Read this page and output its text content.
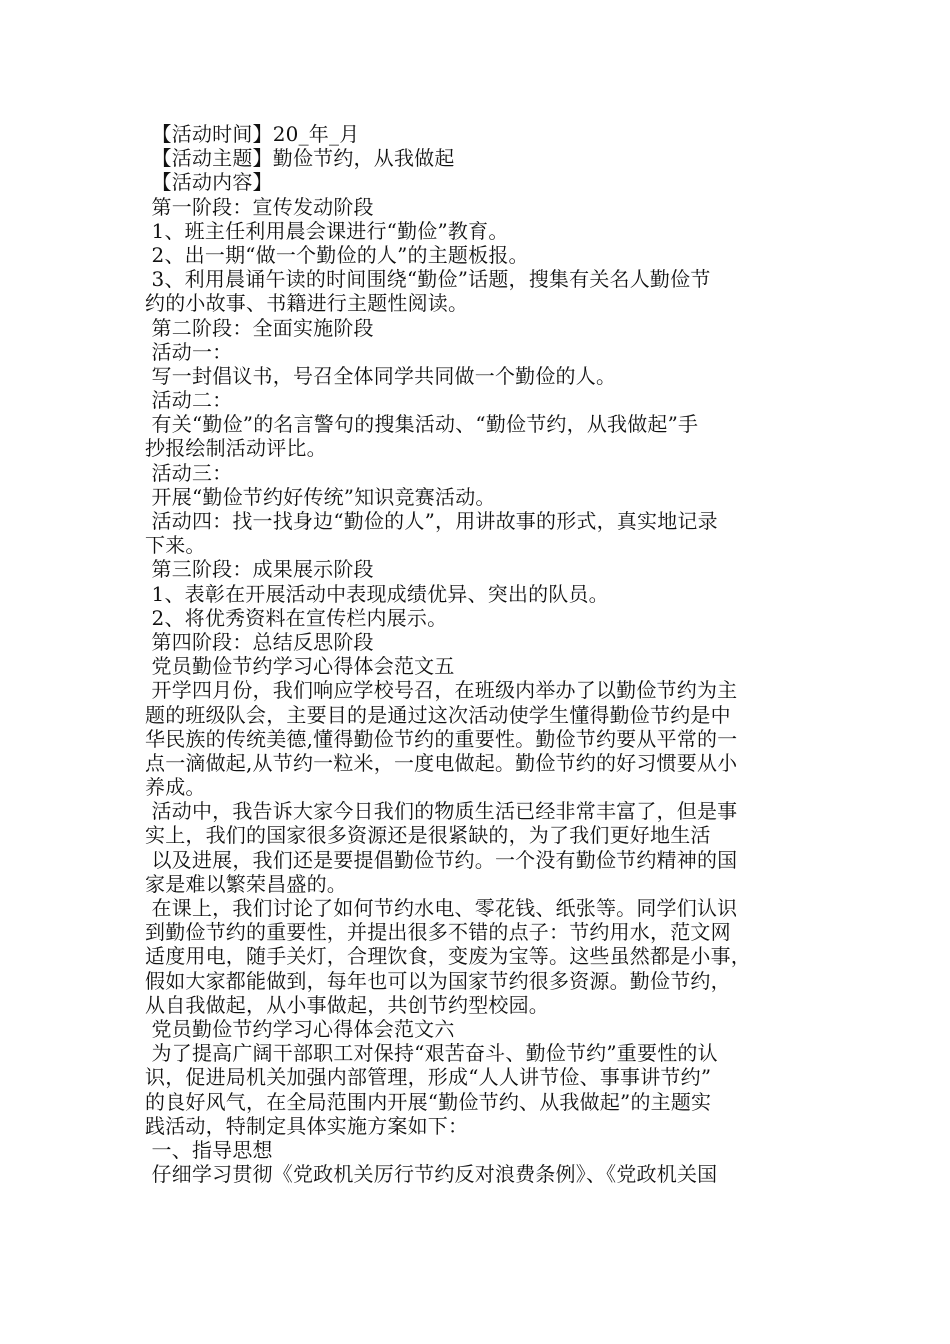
【活动时间】20_年_月
【活动主题】勤俭节约，从我做起
【活动内容】
第一阶段：宣传发动阶段
1、班主任利用晨会课进行“勤俭”教育。
2、出一期“做一个勤俭的人”的主题板报。
3、利用晨诵午读的时间围绕“勤俭”话题，搜集有关名人勤俭节
约的小故事、书籍进行主题性阅读。
第二阶段：全面实施阶段
活动一：
写一封倡议书，号召全体同学共同做一个勤俭的人。
活动二：
有关“勤俭”的名言警句的搜集活动、“勤俭节约，从我做起”手
抄报绘制活动评比。
活动三：
开展“勤俭节约好传统”知识竞赛活动。
活动四：找一找身边“勤俭的人”，用讲故事的形式，真实地记录
下来。
第三阶段：成果展示阶段
1、表彰在开展活动中表现成绩优异、突出的队员。
2、将优秀资料在宣传栏内展示。
第四阶段：总结反思阶段
党员勤俭节约学习心得体会范文五
开学四月份，我们响应学校号召，在班级内举办了以勤俭节约为主
题的班级队会，主要目的是通过这次活动使学生懂得勤俭节约是中
华民族的传统美德,懂得勤俭节约的重要性。勤俭节约要从平常的一
点一滴做起,从节约一粒米，一度电做起。勤俭节约的好习惯要从小
养成。
活动中，我告诉大家今日我们的物质生活已经非常丰富了，但是事
实上，我们的国家很多资源还是很紧缺的，为了我们更好地生活
以及进展，我们还是要提倡勤俭节约。一个没有勤俭节约精神的国
家是难以繁荣昌盛的。
在课上，我们讨论了如何节约水电、零花钱、纸张等。同学们认识
到勤俭节约的重要性，并提出很多不错的点子：节约用水，范文网
适度用电，随手关灯，合理饮食，变废为宝等。这些虽然都是小事，
假如大家都能做到，每年也可以为国家节约很多资源。勤俭节约，
从自我做起，从小事做起，共创节约型校园。
党员勤俭节约学习心得体会范文六
为了提高广阔干部职工对保持“艰苦奋斗、勤俭节约”重要性的认
识，促进局机关加强内部管理，形成“人人讲节俭、事事讲节约”
的良好风气，在全局范围内开展“勤俭节约、从我做起”的主题实
践活动，特制定具体实施方案如下：
一、指导思想
仔细学习贯彻《党政机关厉行节约反对浪费条例》、《党政机关国
